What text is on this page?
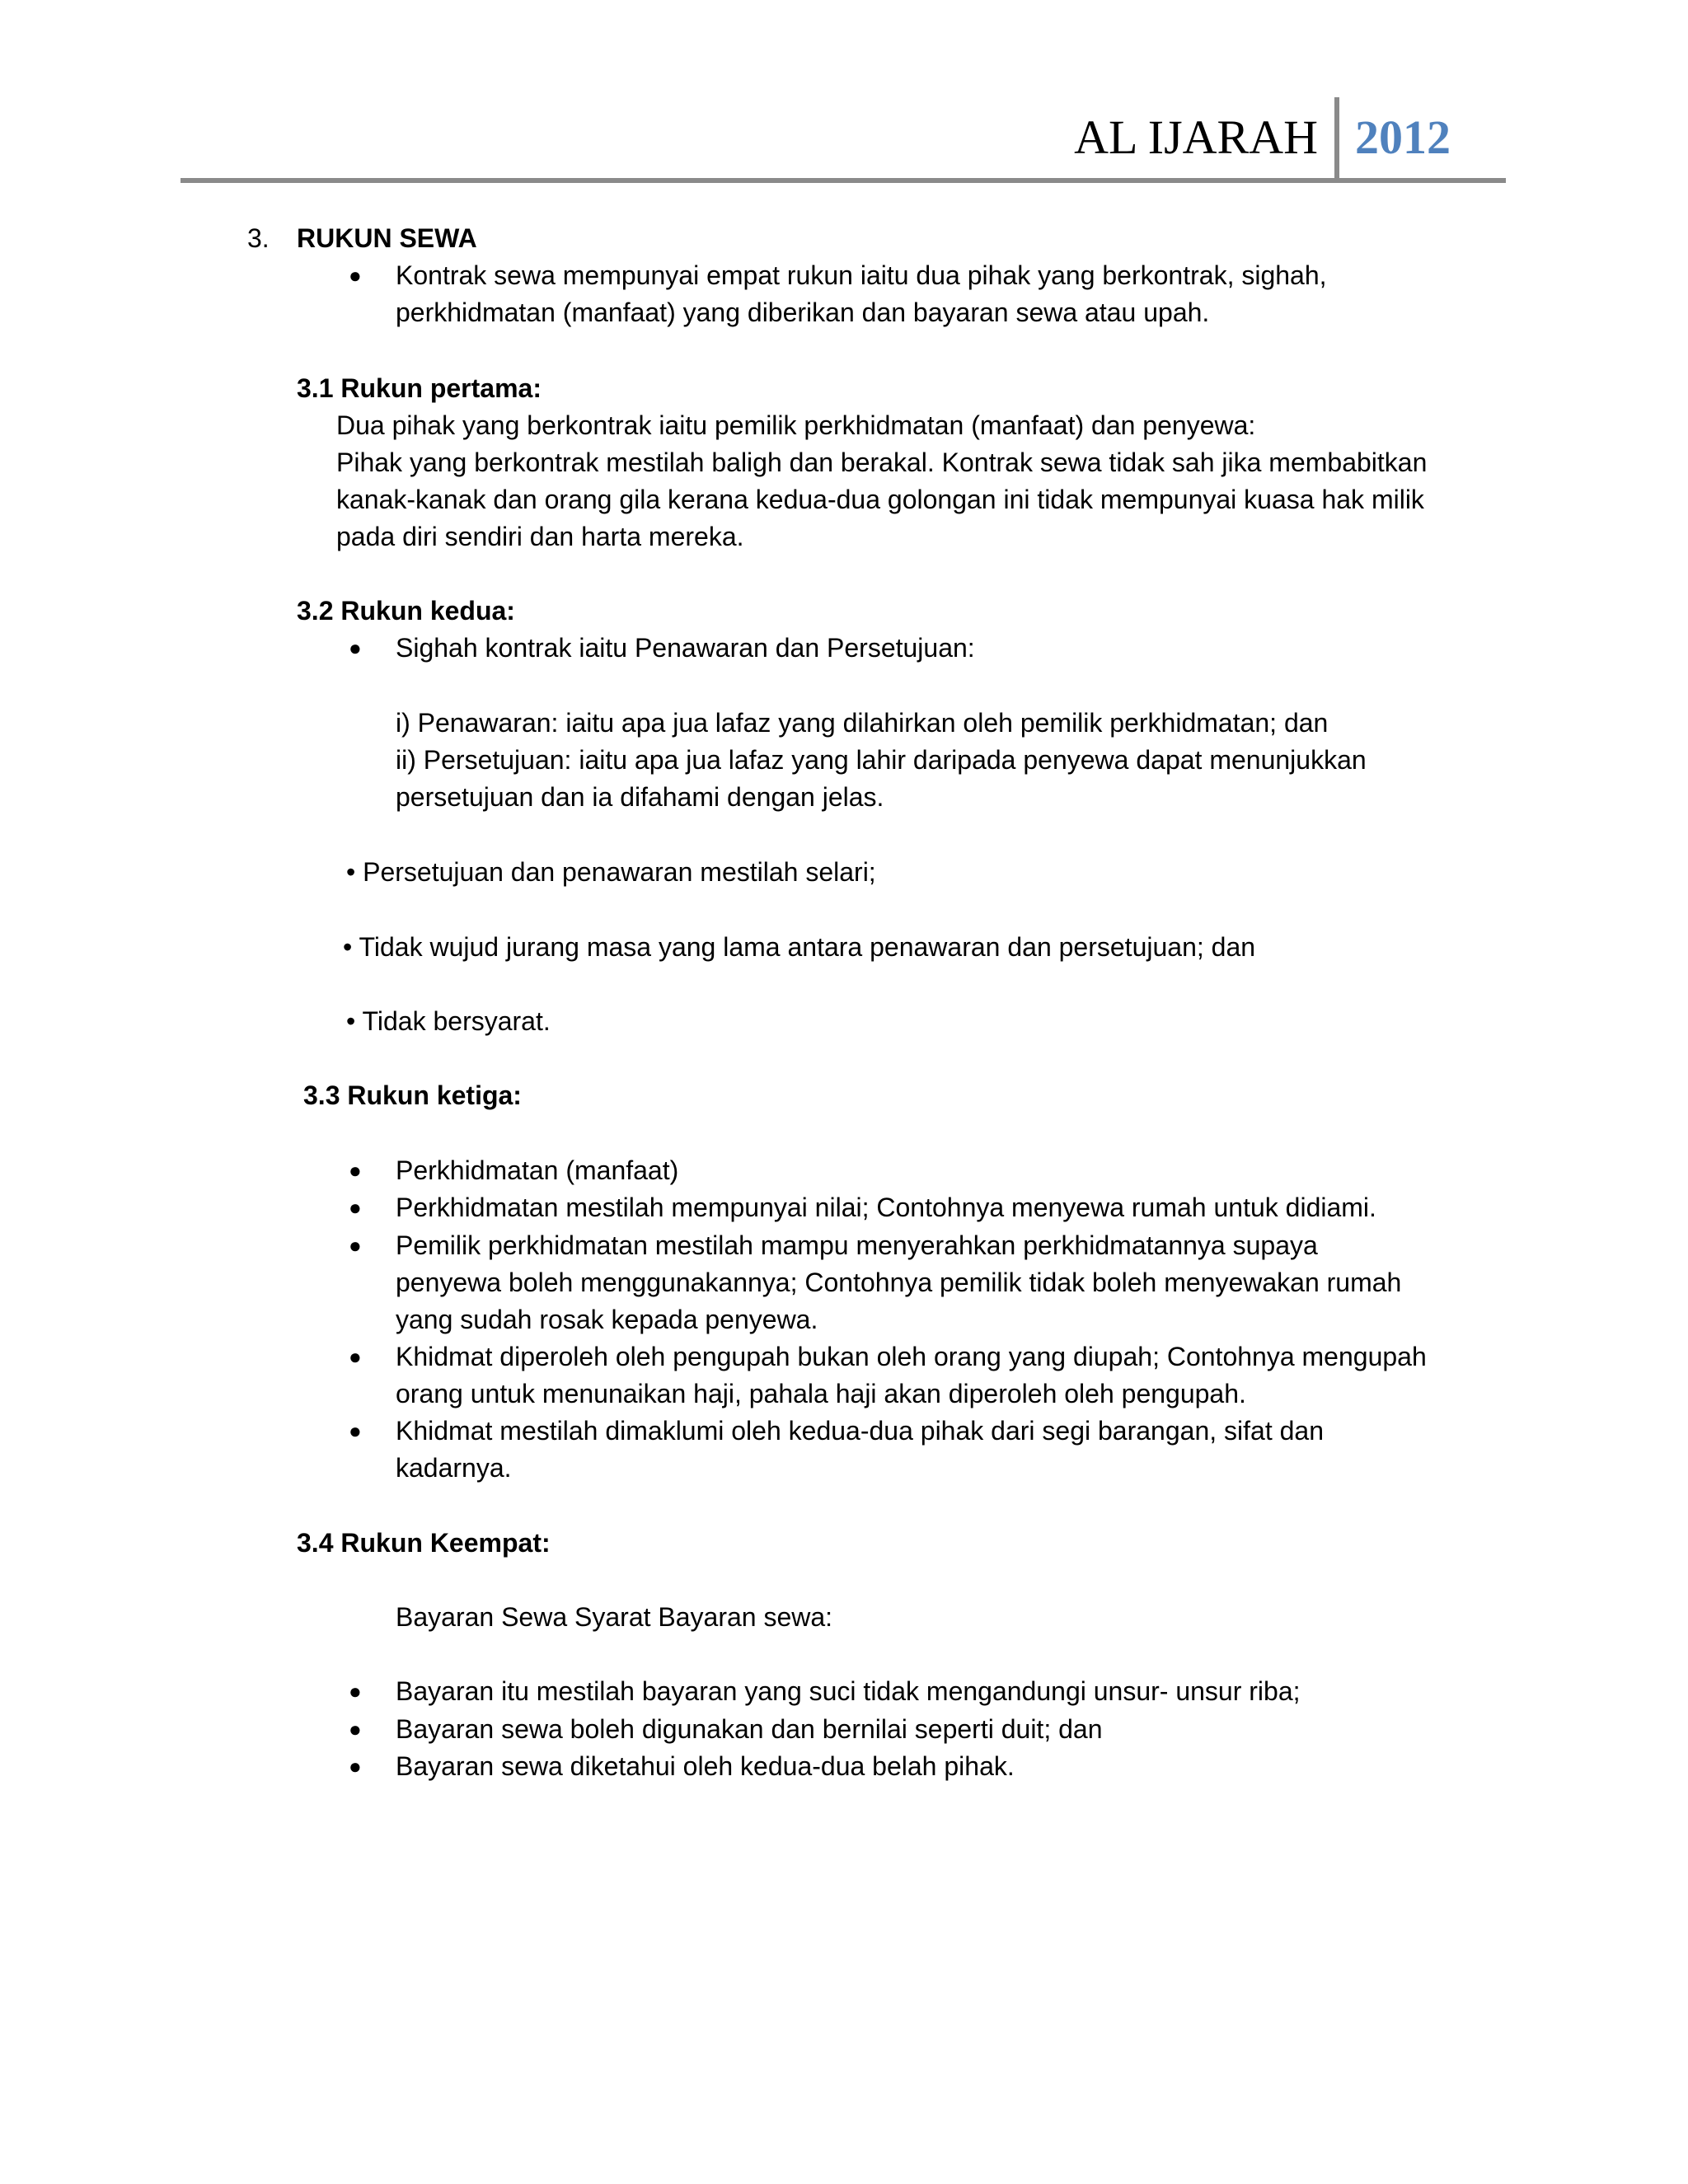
AL IJARAH 2012
3. RUKUN SEWA
● Kontrak sewa mempunyai empat rukun iaitu dua pihak yang berkontrak, sighah,
perkhidmatan (manfaat) yang diberikan dan bayaran sewa atau upah.
3.1 Rukun pertama:
Dua pihak yang berkontrak iaitu pemilik perkhidmatan (manfaat) dan penyewa:
Pihak yang berkontrak mestilah baligh dan berakal. Kontrak sewa tidak sah jika membabitkan
kanak-kanak dan orang gila kerana kedua-dua golongan ini tidak mempunyai kuasa hak milik
pada diri sendiri dan harta mereka.
3.2 Rukun kedua:
● Sighah kontrak iaitu Penawaran dan Persetujuan:
i) Penawaran: iaitu apa jua lafaz yang dilahirkan oleh pemilik perkhidmatan; dan
ii) Persetujuan: iaitu apa jua lafaz yang lahir daripada penyewa dapat menunjukkan
persetujuan dan ia difahami dengan jelas.
• Persetujuan dan penawaran mestilah selari;
• Tidak wujud jurang masa yang lama antara penawaran dan persetujuan; dan
• Tidak bersyarat.
3.3 Rukun ketiga:
● Perkhidmatan (manfaat)
● Perkhidmatan mestilah mempunyai nilai; Contohnya menyewa rumah untuk didiami.
● Pemilik perkhidmatan mestilah mampu menyerahkan perkhidmatannya supaya
penyewa boleh menggunakannya; Contohnya pemilik tidak boleh menyewakan rumah
yang sudah rosak kepada penyewa.
● Khidmat diperoleh oleh pengupah bukan oleh orang yang diupah; Contohnya mengupah
orang untuk menunaikan haji, pahala haji akan diperoleh oleh pengupah.
● Khidmat mestilah dimaklumi oleh kedua-dua pihak dari segi barangan, sifat dan
kadarnya.
3.4 Rukun Keempat:
Bayaran Sewa Syarat Bayaran sewa:
● Bayaran itu mestilah bayaran yang suci tidak mengandungi unsur- unsur riba;
● Bayaran sewa boleh digunakan dan bernilai seperti duit; dan
● Bayaran sewa diketahui oleh kedua-dua belah pihak.
